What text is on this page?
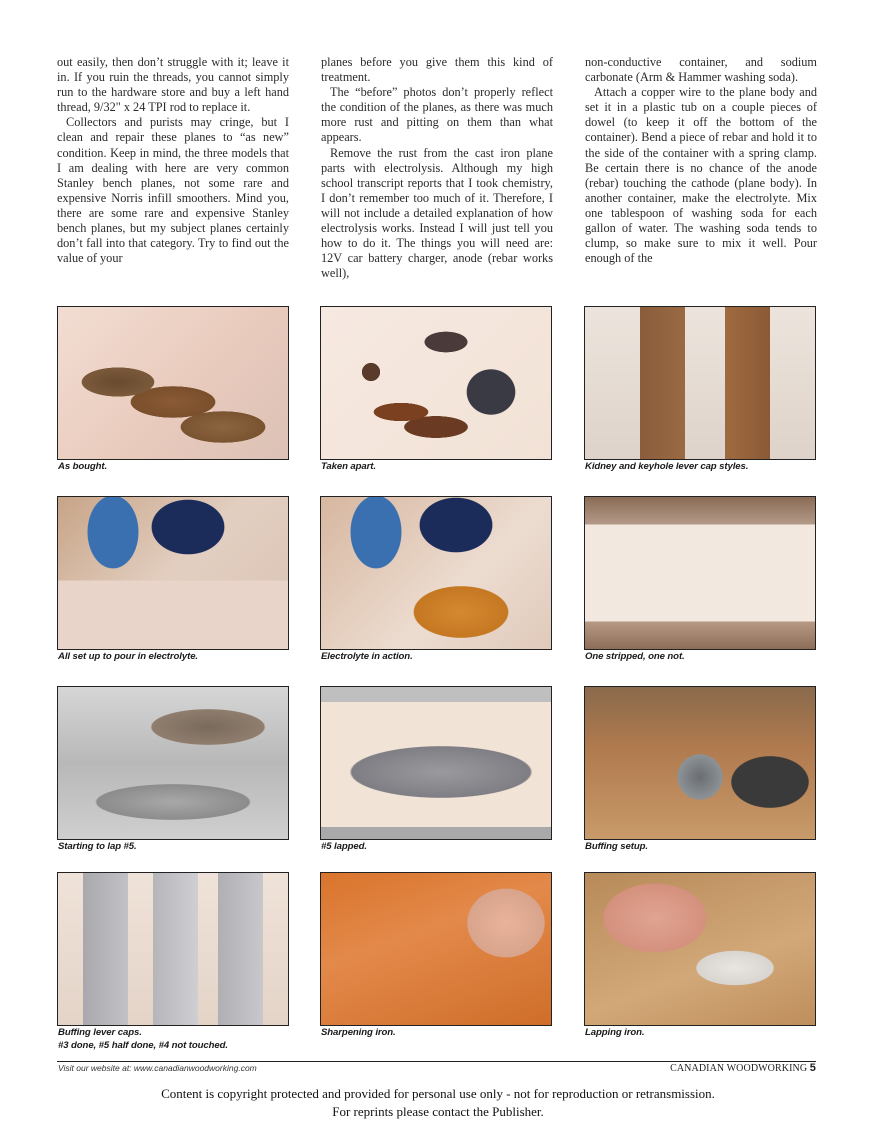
out easily, then don’t struggle with it; leave it in. If you ruin the threads, you cannot simply run to the hardware store and buy a left hand thread, 9/32" x 24 TPI rod to replace it.

Collectors and purists may cringe, but I clean and repair these planes to “as new” condition. Keep in mind, the three models that I am dealing with here are very common Stanley bench planes, not some rare and expensive Norris infill smoothers. Mind you, there are some rare and expensive Stanley bench planes, but my subject planes certainly don’t fall into that category. Try to find out the value of your

planes before you give them this kind of treatment.

The “before” photos don’t properly reflect the condition of the planes, as there was much more rust and pitting on them than what appears.

Remove the rust from the cast iron plane parts with electrolysis. Although my high school transcript reports that I took chemistry, I don’t remember too much of it. Therefore, I will not include a detailed explanation of how electrolysis works. Instead I will just tell you how to do it. The things you will need are: 12V car battery charger, anode (rebar works well),

non-conductive container, and sodium carbonate (Arm & Hammer washing soda).

Attach a copper wire to the plane body and set it in a plastic tub on a couple pieces of dowel (to keep it off the bottom of the container). Bend a piece of rebar and hold it to the side of the container with a spring clamp. Be certain there is no chance of the anode (rebar) touching the cathode (plane body). In another container, make the electrolyte. Mix one tablespoon of washing soda for each gallon of water. The washing soda tends to clump, so make sure to mix it well. Pour enough of the

As bought.	Taken apart.	Kidney and keyhole lever cap styles.
All set up to pour in electrolyte.	Electrolyte in action.	One stripped, one not.
Starting to lap #5.	#5 lapped.	Buffing setup.
Buffing lever caps.
#3 done, #5 half done, #4 not touched.
Sharpening iron.	Lapping iron.
Visit our website at: www.canadianwoodworking.com	CANADIAN WOODWORKING 5
Content is copyright protected and provided for personal use only - not for reproduction or retransmission.
For reprints please contact the Publisher.
